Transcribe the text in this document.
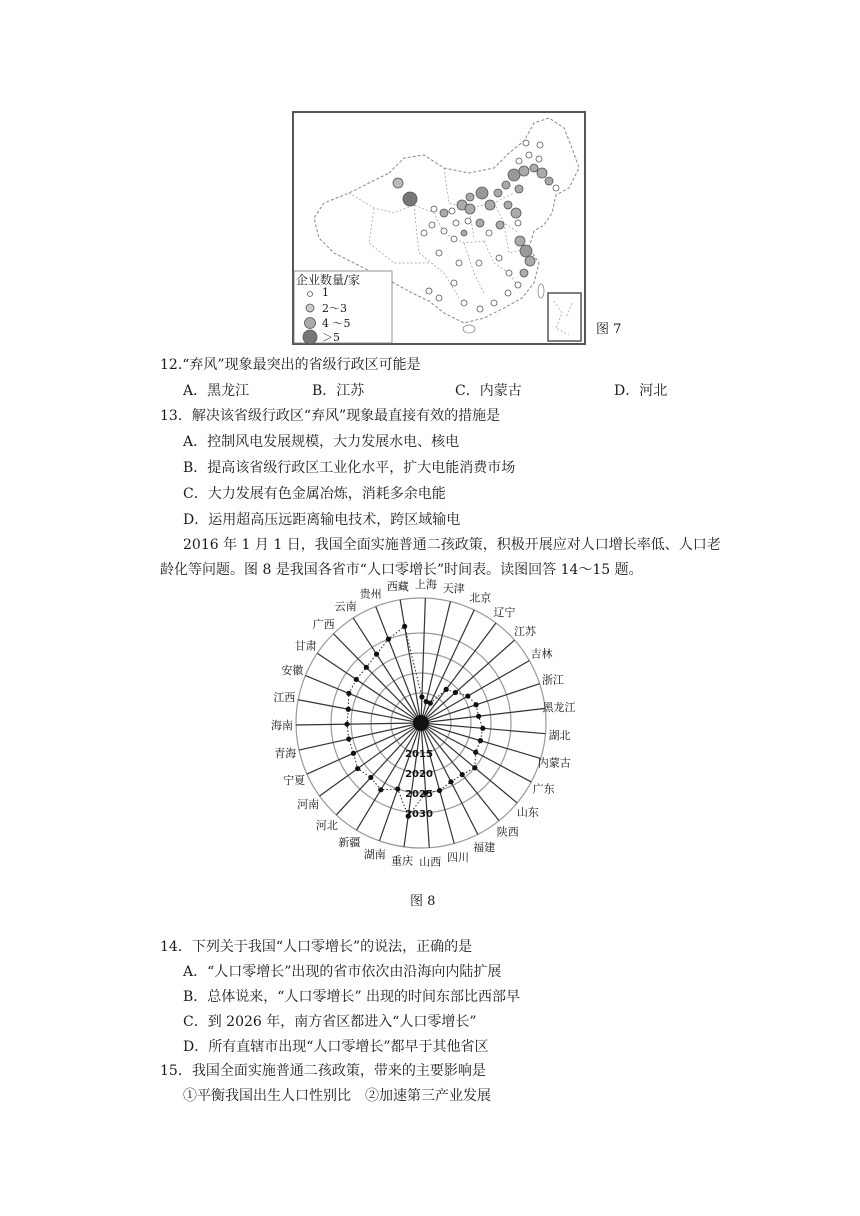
企业数量/家
1
2～3
4 ～5
＞5
图 7
12.“弃风”现象最突出的省级行政区可能是
A．黑龙江	B．江苏	C．内蒙古	D．河北
13．解决该省级行政区“弃风”现象最直接有效的措施是
A．控制风电发展规模，大力发展水电、核电
B．提高该省级行政区工业化水平，扩大电能消费市场
C．大力发展有色金属冶炼，消耗多余电能
D．运用超高压远距离输电技术，跨区域输电
2016 年 1 月 1 日，我国全面实施普通二孩政策，积极开展应对人口增长率低、人口老
龄化等问题。图 8 是我国各省市“人口零增长”时间表。读图回答 14～15 题。
2015
2020
2025
2030
上海 天津
北京
辽宁
江苏
吉林
浙江
黑龙江
湖北
内蒙古
广东
山东
陕西
福建
四川
山西
重庆
湖南
新疆
河北
河南
宁夏
青海
海南
江西
安徽
甘肃
广西
云南
贵州
西藏
图 8
14．下列关于我国“人口零增长”的说法，正确的是
A．“人口零增长”出现的省市依次由沿海向内陆扩展
B．总体说来，“人口零增长” 出现的时间东部比西部早
C．到 2026 年，南方省区都进入“人口零增长”
D．所有直辖市出现“人口零增长”都早于其他省区
15．我国全面实施普通二孩政策，带来的主要影响是
①平衡我国出生人口性别比　②加速第三产业发展
